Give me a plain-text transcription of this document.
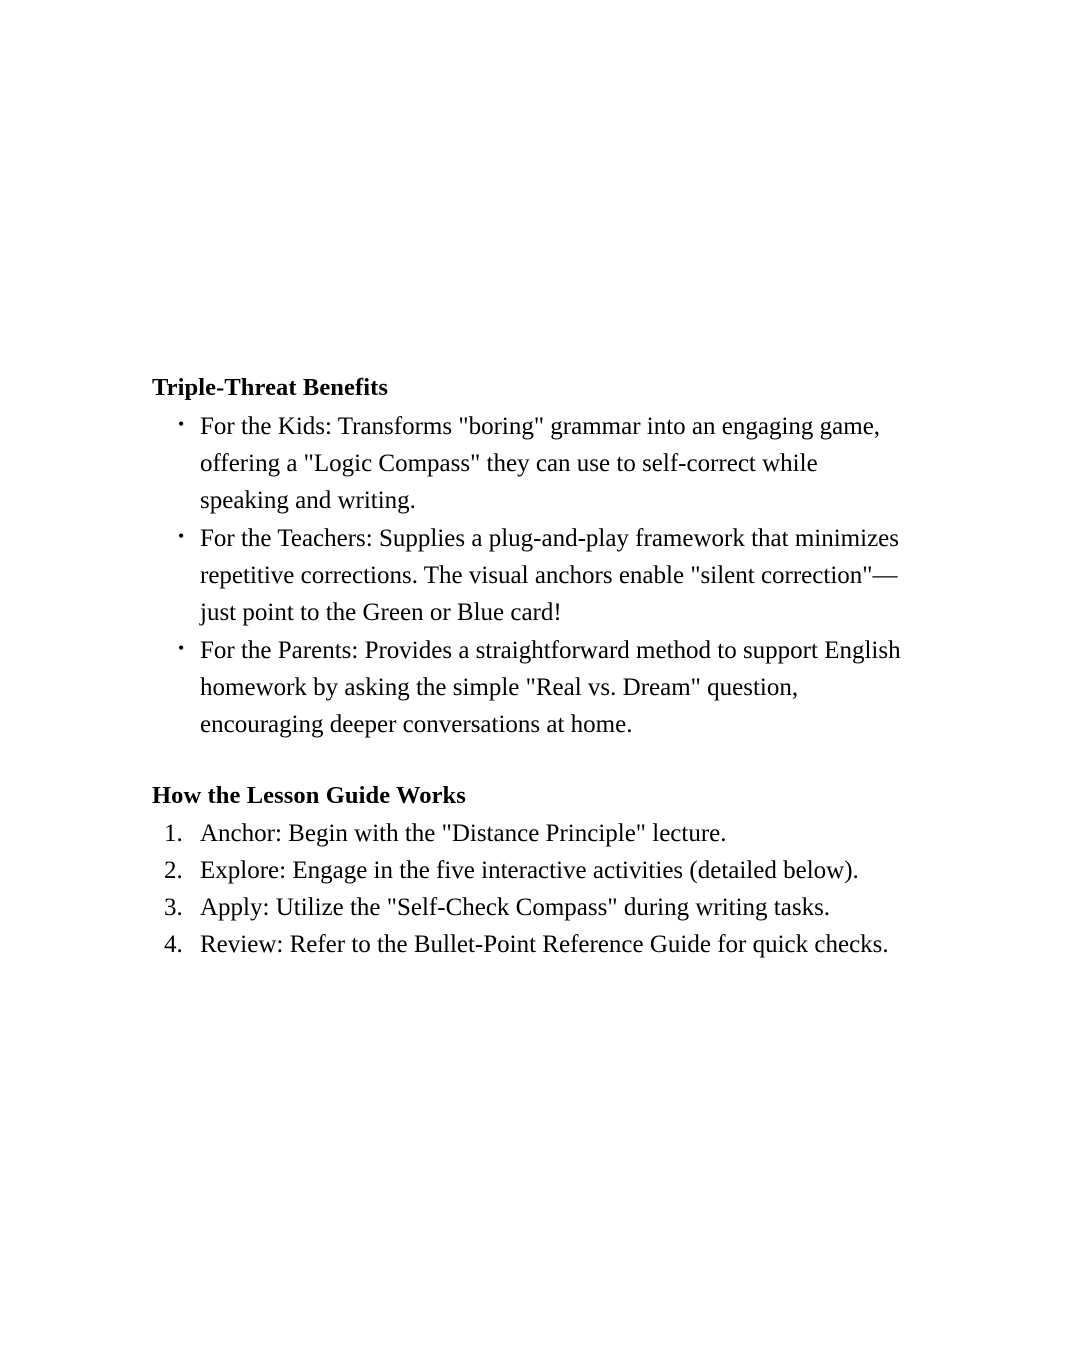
Triple-Threat Benefits
• For the Kids: Transforms "boring" grammar into an engaging game, offering a "Logic Compass" they can use to self-correct while speaking and writing.
• For the Teachers: Supplies a plug-and-play framework that minimizes repetitive corrections. The visual anchors enable "silent correction"—just point to the Green or Blue card!
• For the Parents: Provides a straightforward method to support English homework by asking the simple "Real vs. Dream" question, encouraging deeper conversations at home.
How the Lesson Guide Works
Anchor: Begin with the "Distance Principle" lecture.
Explore: Engage in the five interactive activities (detailed below).
Apply: Utilize the "Self-Check Compass" during writing tasks.
Review: Refer to the Bullet-Point Reference Guide for quick checks.
